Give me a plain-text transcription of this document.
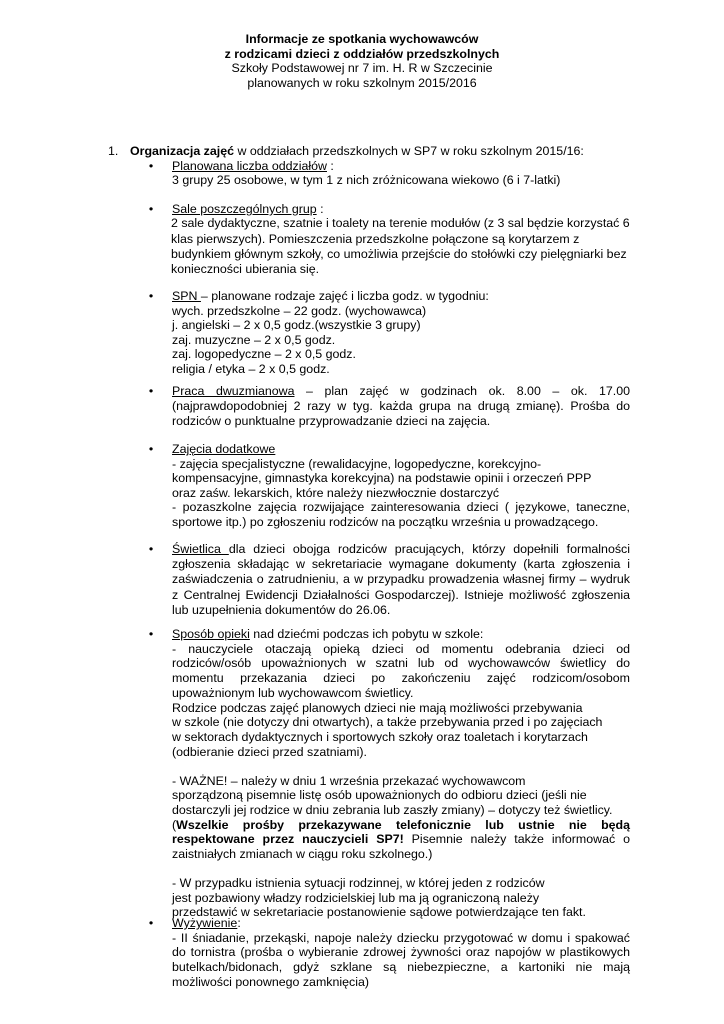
Informacje ze spotkania wychowawców
z rodzicami dzieci z oddziałów przedszkolnych
Szkoły Podstawowej nr 7 im. H. R w Szczecinie
planowanych w roku szkolnym 2015/2016
1. Organizacja zajęć w oddziałach przedszkolnych w SP7 w roku szkolnym 2015/16:
• Planowana liczba oddziałów :
3 grupy 25 osobowe, w tym 1 z nich zróżnicowana wiekowo (6 i 7-latki)
• Sale poszczególnych grup :
2 sale dydaktyczne, szatnie i toalety na terenie modułów (z 3 sal będzie korzystać 6 klas pierwszych). Pomieszczenia przedszkolne połączone są korytarzem z budynkiem głównym szkoły, co umożliwia przejście do stołówki czy pielęgniarki bez konieczności ubierania się.
• SPN – planowane rodzaje zajęć i liczba godz. w tygodniu:
wych. przedszkolne – 22 godz. (wychowawca)
j. angielski – 2 x 0,5 godz.(wszystkie 3 grupy)
zaj. muzyczne – 2 x 0,5 godz.
zaj. logopedyczne – 2 x 0,5 godz.
religia / etyka – 2 x 0,5 godz.
• Praca dwuzmianowa – plan zajęć w godzinach ok. 8.00 – ok. 17.00 (najprawdopodobniej 2 razy w tyg. każda grupa na drugą zmianę). Prośba do rodziców o punktualne przyprowadzanie dzieci na zajęcia.
• Zajęcia dodatkowe
- zajęcia specjalistyczne (rewalidacyjne, logopedyczne, korekcyjno-
kompensacyjne, gimnastyka korekcyjna) na podstawie opinii i orzeczeń PPP
oraz zaśw. lekarskich, które należy niezwłocznie dostarczyć
- pozaszkolne zajęcia rozwijające zainteresowania dzieci ( językowe, taneczne, sportowe itp.) po zgłoszeniu rodziców na początku września u prowadzącego.
• Świetlica dla dzieci obojga rodziców pracujących, którzy dopełnili formalności zgłoszenia składając w sekretariacie wymagane dokumenty (karta zgłoszenia i zaświadczenia o zatrudnieniu, a w przypadku prowadzenia własnej firmy – wydruk z Centralnej Ewidencji Działalności Gospodarczej). Istnieje możliwość zgłoszenia lub uzupełnienia dokumentów do 26.06.
• Sposób opieki nad dziećmi podczas ich pobytu w szkole:
- nauczyciele otaczają opieką dzieci od momentu odebrania dzieci od rodziców/osób upoważnionych w szatni lub od wychowawców świetlicy do momentu przekazania dzieci po zakończeniu zajęć rodzicom/osobom upoważnionym lub wychowawcom świetlicy.
Rodzice podczas zajęć planowych dzieci nie mają możliwości przebywania
w szkole (nie dotyczy dni otwartych), a także przebywania przed i po zajęciach
w sektorach dydaktycznych i sportowych szkoły oraz toaletach i korytarzach
(odbieranie dzieci przed szatniami).
- WAŻNE! – należy w dniu 1 września przekazać wychowawcom
sporządzoną pisemnie listę osób upoważnionych do odbioru dzieci (jeśli nie
dostarczyli jej rodzice w dniu zebrania lub zaszły zmiany) – dotyczy też świetlicy.
(Wszelkie prośby przekazywane telefonicznie lub ustnie nie będą respektowane przez nauczycieli SP7! Pisemnie należy także informować o zaistniałych zmianach w ciągu roku szkolnego.)
- W przypadku istnienia sytuacji rodzinnej, w której jeden z rodziców
jest pozbawiony władzy rodzicielskiej lub ma ją ograniczoną należy
przedstawić w sekretariacie postanowienie sądowe potwierdzające ten fakt.
• Wyżywienie:
- II śniadanie, przekąski, napoje należy dziecku przygotować w domu i spakować do tornistra (prośba o wybieranie zdrowej żywności oraz napojów w plastikowych butelkach/bidonach, gdyż szklane są niebezpieczne, a kartoniki nie mają możliwości ponownego zamknięcia)
